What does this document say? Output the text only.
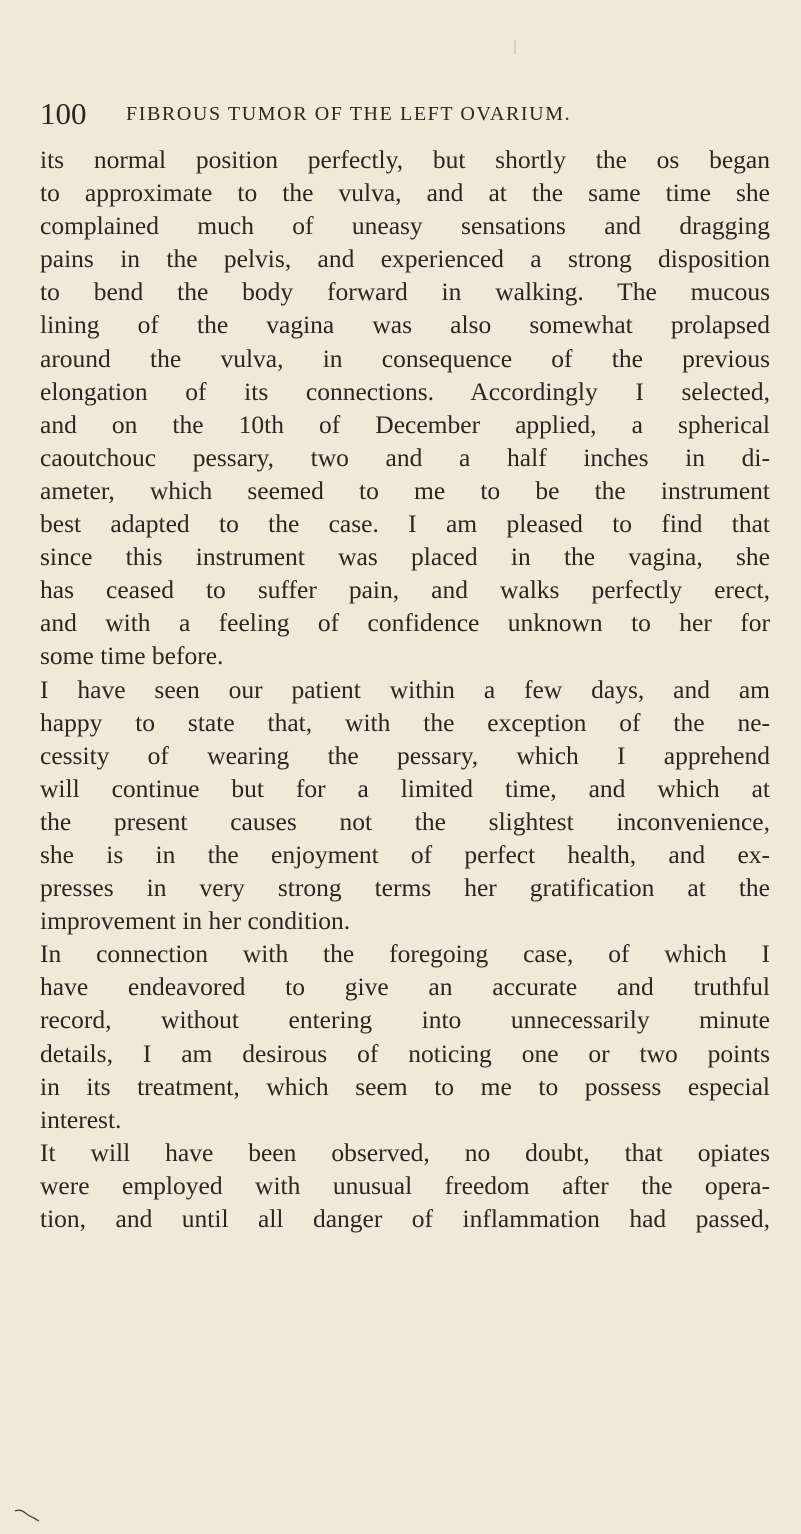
100 FIBROUS TUMOR OF THE LEFT OVARIUM.
its normal position perfectly, but shortly the os began
to approximate to the vulva, and at the same time she
complained much of uneasy sensations and dragging
pains in the pelvis, and experienced a strong disposition
to bend the body forward in walking. The mucous
lining of the vagina was also somewhat prolapsed
around the vulva, in consequence of the previous
elongation of its connections. Accordingly I selected,
and on the 10th of December applied, a spherical
caoutchouc pessary, two and a half inches in di-
ameter, which seemed to me to be the instrument
best adapted to the case. I am pleased to find that
since this instrument was placed in the vagina, she
has ceased to suffer pain, and walks perfectly erect,
and with a feeling of confidence unknown to her for
some time before.
I have seen our patient within a few days, and am
happy to state that, with the exception of the ne-
cessity of wearing the pessary, which I apprehend
will continue but for a limited time, and which at
the present causes not the slightest inconvenience,
she is in the enjoyment of perfect health, and ex-
presses in very strong terms her gratification at the
improvement in her condition.
In connection with the foregoing case, of which I
have endeavored to give an accurate and truthful
record, without entering into unnecessarily minute
details, I am desirous of noticing one or two points
in its treatment, which seem to me to possess especial
interest.
It will have been observed, no doubt, that opiates
were employed with unusual freedom after the opera-
tion, and until all danger of inflammation had passed,
